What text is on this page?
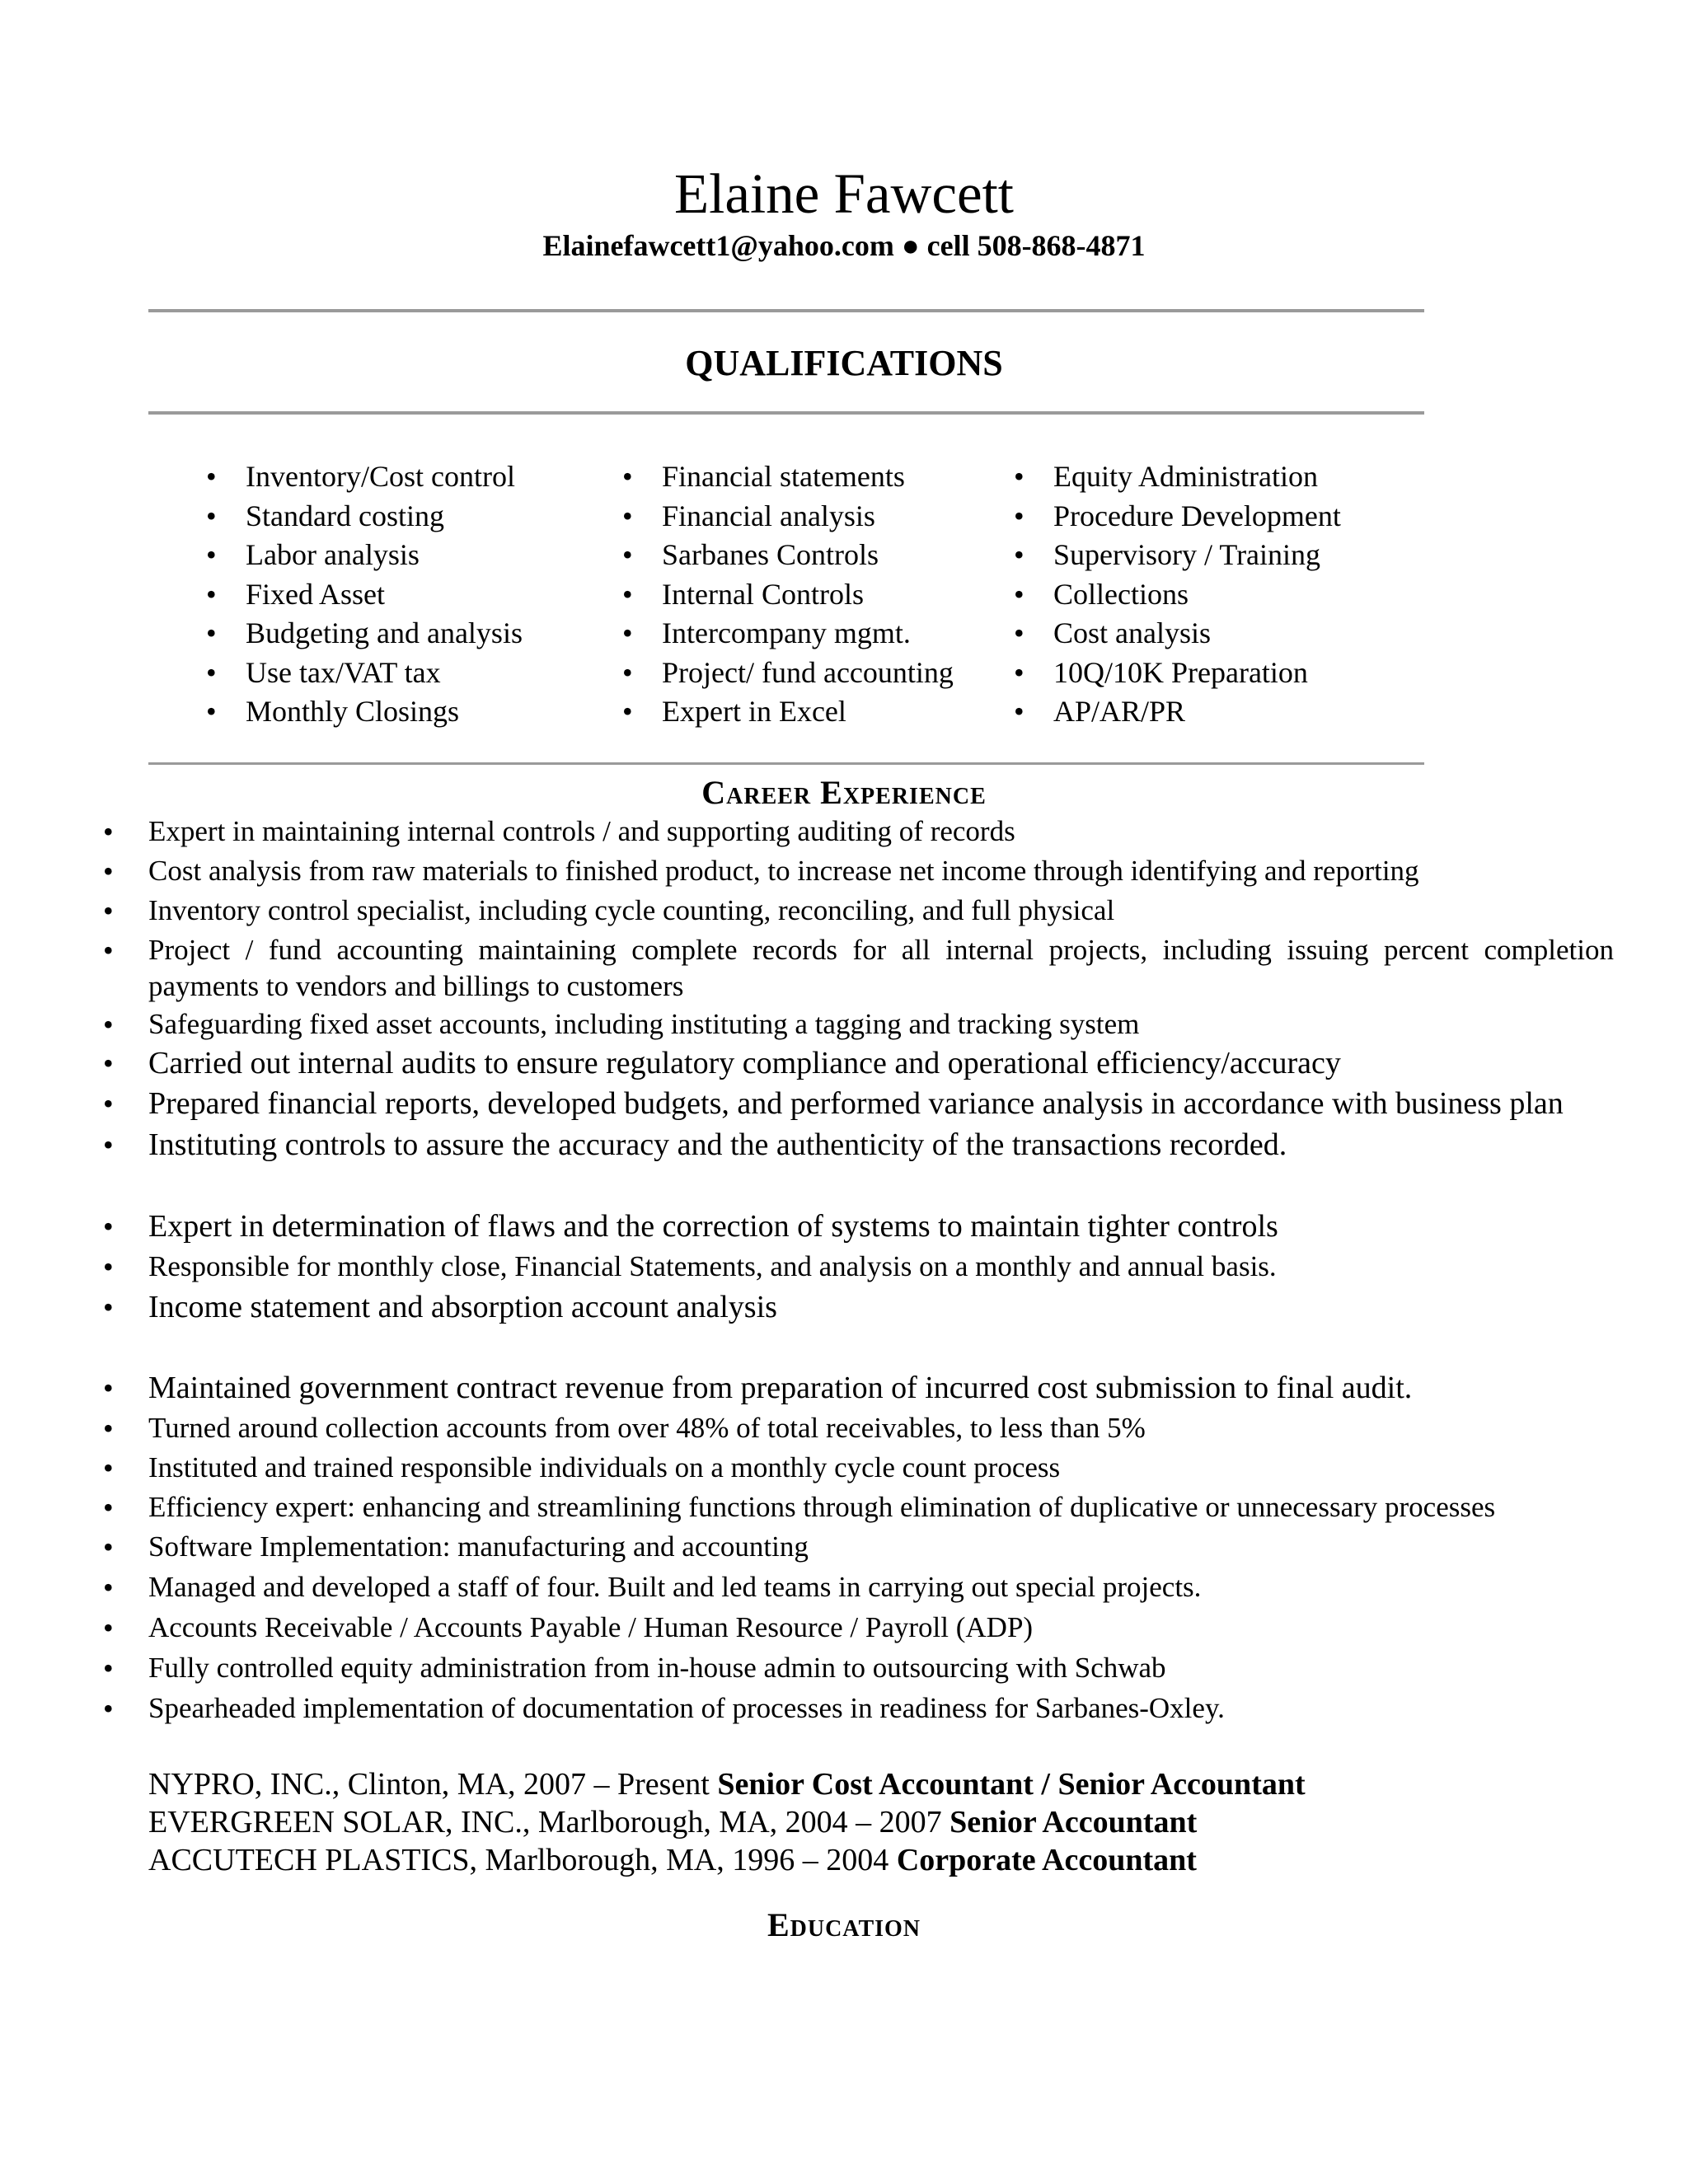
Elaine Fawcett
Elainefawcett1@yahoo.com ● cell 508-868-4871
QUALIFICATIONS
• Inventory/Cost control
• Standard costing
• Labor analysis
• Fixed Asset
• Budgeting and analysis
• Use tax/VAT tax
• Monthly Closings
• Financial statements
• Financial analysis
• Sarbanes Controls
• Internal Controls
• Intercompany mgmt.
• Project/ fund accounting
• Expert in Excel
• Equity Administration
• Procedure Development
• Supervisory / Training
• Collections
• Cost analysis
• 10Q/10K Preparation
• AP/AR/PR
Career Experience
• Expert in maintaining internal controls / and supporting auditing of records
• Cost analysis from raw materials to finished product, to increase net income through identifying and reporting
• Inventory control specialist, including cycle counting, reconciling, and full physical
• Project / fund accounting maintaining complete records for all internal projects, including issuing percent completion payments to vendors and billings to customers
• Safeguarding fixed asset accounts, including instituting a tagging and tracking system
• Carried out internal audits to ensure regulatory compliance and operational efficiency/accuracy
• Prepared financial reports, developed budgets, and performed variance analysis in accordance with business plan
• Instituting controls to assure the accuracy and the authenticity of the transactions recorded.
• Expert in determination of flaws and the correction of systems to maintain tighter controls
• Responsible for monthly close, Financial Statements, and analysis on a monthly and annual basis.
• Income statement and absorption account analysis
• Maintained government contract revenue from preparation of incurred cost submission to final audit.
• Turned around collection accounts from over 48% of total receivables, to less than 5%
• Instituted and trained responsible individuals on a monthly cycle count process
• Efficiency expert: enhancing and streamlining functions through elimination of duplicative or unnecessary processes
• Software Implementation: manufacturing and accounting
• Managed and developed a staff of four. Built and led teams in carrying out special projects.
• Accounts Receivable / Accounts Payable / Human Resource / Payroll (ADP)
• Fully controlled equity administration from in-house admin to outsourcing with Schwab
• Spearheaded implementation of documentation of processes in readiness for Sarbanes-Oxley.
NYPRO, INC., Clinton, MA, 2007 – Present Senior Cost Accountant / Senior Accountant
EVERGREEN SOLAR, INC., Marlborough, MA, 2004 – 2007 Senior Accountant
ACCUTECH PLASTICS, Marlborough, MA, 1996 – 2004 Corporate Accountant
Education
